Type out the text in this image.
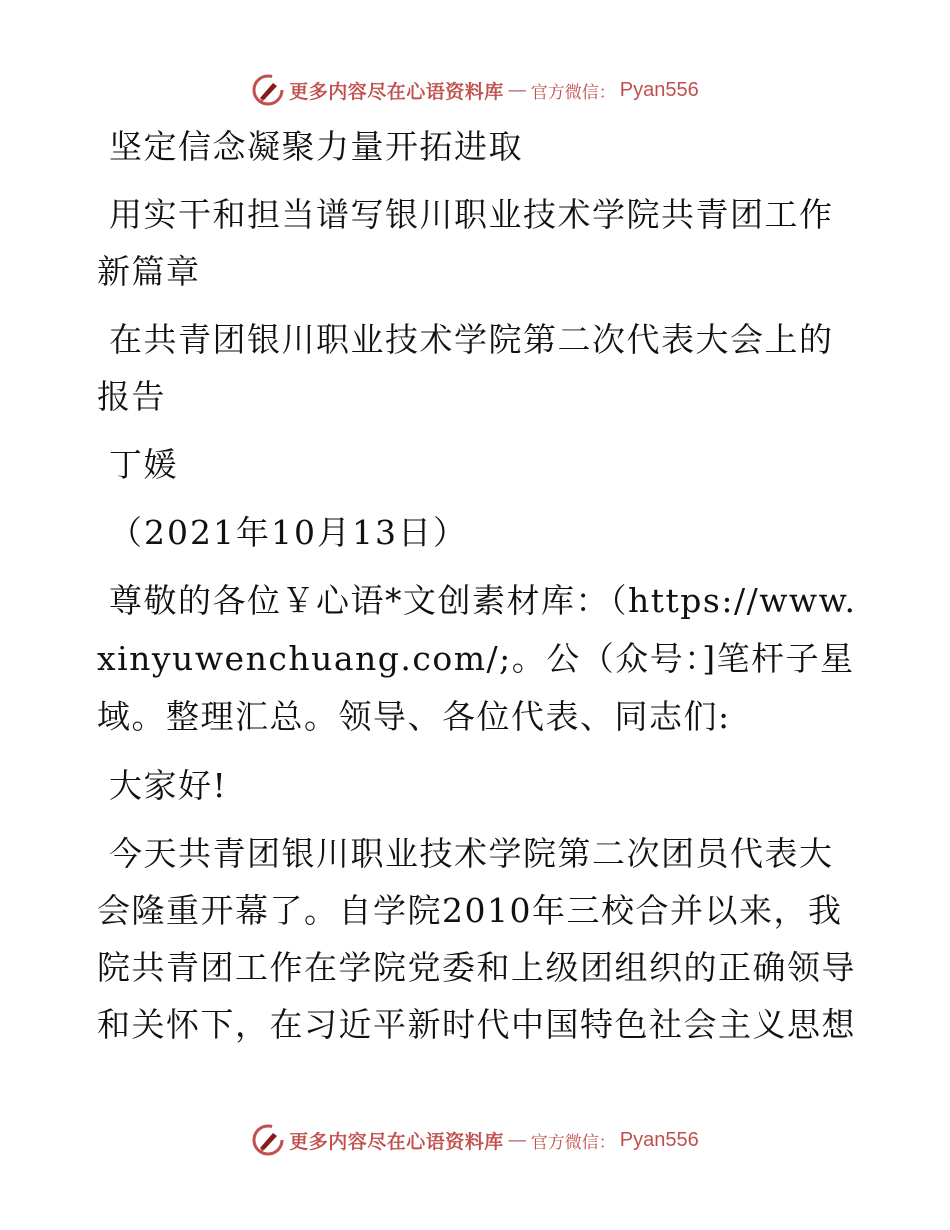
更多内容尽在心语资料库 — 官方微信： Pyan556

坚定信念凝聚力量开拓进取

用实干和担当谱写银川职业技术学院共青团工作新篇章

在共青团银川职业技术学院第二次代表大会上的报告

丁媛

（2021年10月13日）

尊敬的各位￥心语*文创素材库：（https://www.xinyuwenchuang.com/;。公（众号：]笔杆子星域。整理汇总。领导、各位代表、同志们:

大家好!

今天共青团银川职业技术学院第二次团员代表大会隆重开幕了。自学院2010年三校合并以来，我院共青团工作在学院党委和上级团组织的正确领导和关怀下，在习近平新时代中国特色社会主义思想

更多内容尽在心语资料库 — 官方微信： Pyan556
